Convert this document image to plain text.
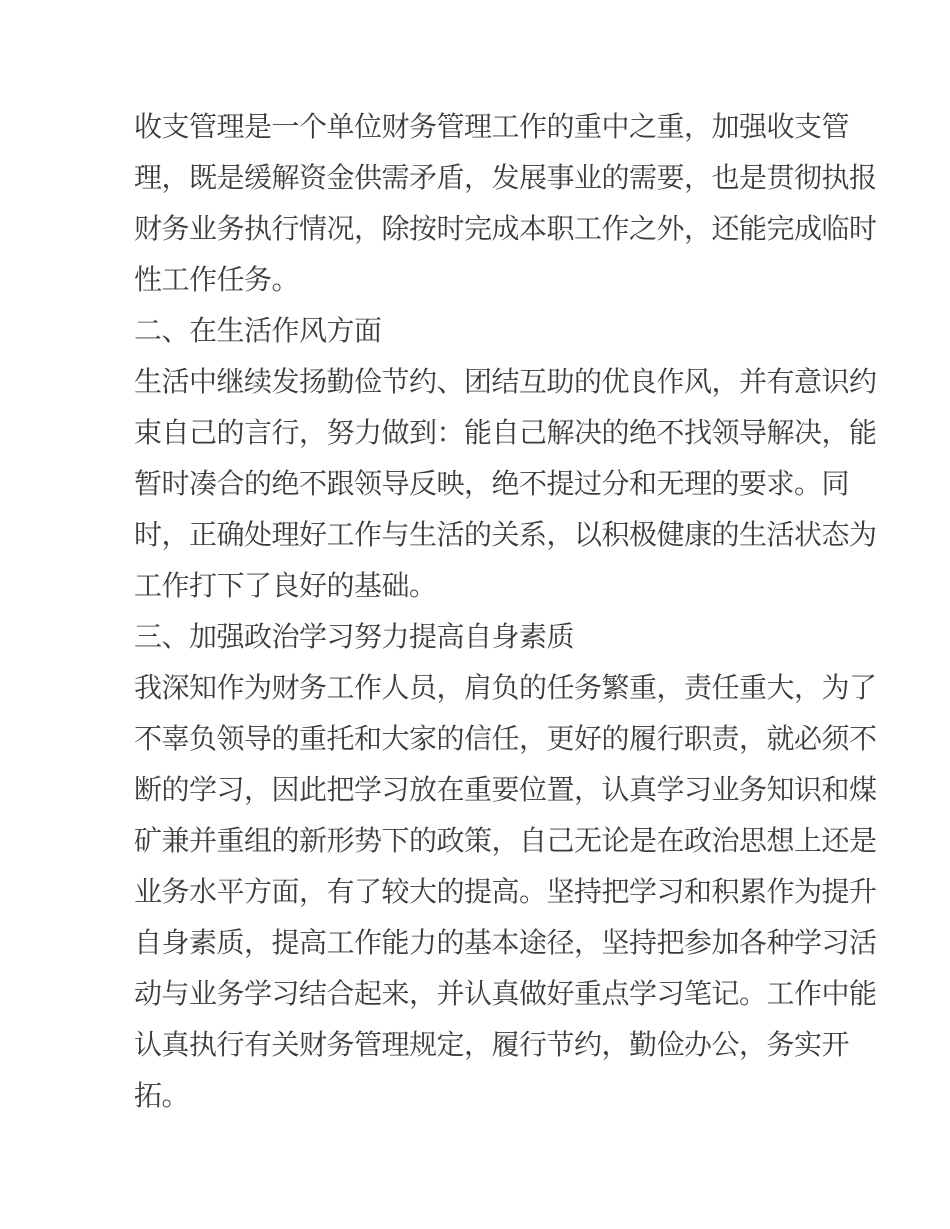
收支管理是一个单位财务管理工作的重中之重，加强收支管
理，既是缓解资金供需矛盾，发展事业的需要，也是贯彻执报
财务业务执行情况，除按时完成本职工作之外，还能完成临时
性工作任务。
二、在生活作风方面
生活中继续发扬勤俭节约、团结互助的优良作风，并有意识约
束自己的言行，努力做到：能自己解决的绝不找领导解决，能
暂时凑合的绝不跟领导反映，绝不提过分和无理的要求。同
时，正确处理好工作与生活的关系，以积极健康的生活状态为
工作打下了良好的基础。
三、加强政治学习努力提高自身素质
我深知作为财务工作人员，肩负的任务繁重，责任重大，为了
不辜负领导的重托和大家的信任，更好的履行职责，就必须不
断的学习，因此把学习放在重要位置，认真学习业务知识和煤
矿兼并重组的新形势下的政策，自己无论是在政治思想上还是
业务水平方面，有了较大的提高。坚持把学习和积累作为提升
自身素质，提高工作能力的基本途径，坚持把参加各种学习活
动与业务学习结合起来，并认真做好重点学习笔记。工作中能
认真执行有关财务管理规定，履行节约，勤俭办公，务实开
拓。
